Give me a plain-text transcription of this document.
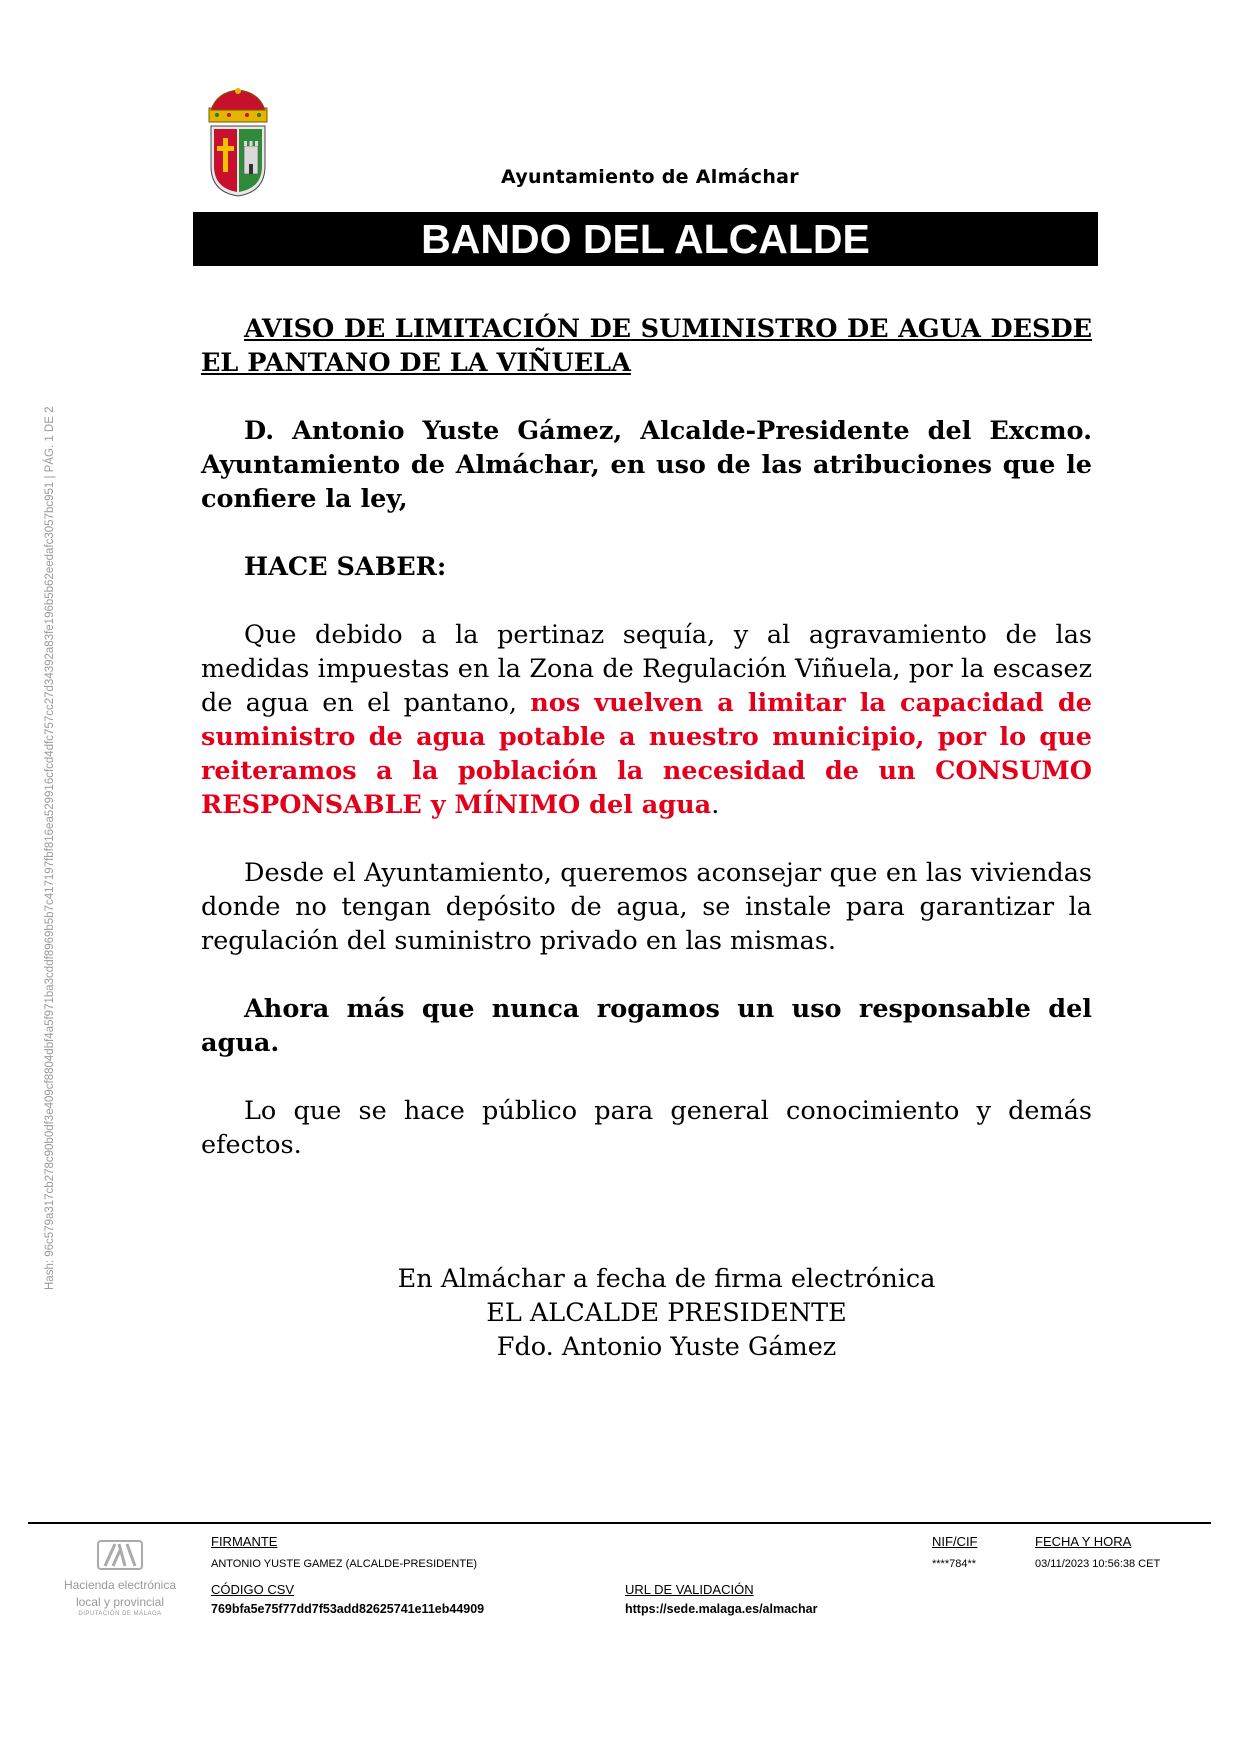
Ayuntamiento de Almáchar
BANDO DEL ALCALDE

AVISO DE LIMITACIÓN DE SUMINISTRO DE AGUA DESDE EL PANTANO DE LA VIÑUELA

D. Antonio Yuste Gámez, Alcalde-Presidente del Excmo. Ayuntamiento de Almáchar, en uso de las atribuciones que le confiere la ley,

HACE SABER:

Que debido a la pertinaz sequía, y al agravamiento de las medidas impuestas en la Zona de Regulación Viñuela, por la escasez de agua en el pantano, nos vuelven a limitar la capacidad de suministro de agua potable a nuestro municipio, por lo que reiteramos a la población la necesidad de un CONSUMO RESPONSABLE y MÍNIMO del agua.

Desde el Ayuntamiento, queremos aconsejar que en las viviendas donde no tengan depósito de agua, se instale para garantizar la regulación del suministro privado en las mismas.

Ahora más que nunca rogamos un uso responsable del agua.

Lo que se hace público para general conocimiento y demás efectos.

En Almáchar a fecha de firma electrónica
EL ALCALDE PRESIDENTE
Fdo. Antonio Yuste Gámez
Hash: 96c579a317cb278c90b0df3e409cf8804dbf4a5f971ba3cddf8969b5b7c417197fbf816ea529916cfcd4dfc757cc27d34392a83fe196b5b62eedafc3057bc951 | PÁG. 1 DE 2
Hacienda electrónica
local y provincial
DIPUTACIÓN DE MÁLAGA
FIRMANTE
ANTONIO YUSTE GAMEZ (ALCALDE-PRESIDENTE)
CÓDIGO CSV
769bfa5e75f77dd7f53add82625741e11eb44909
URL DE VALIDACIÓN
https://sede.malaga.es/almachar
NIF/CIF
****784**
FECHA Y HORA
03/11/2023 10:56:38 CET
